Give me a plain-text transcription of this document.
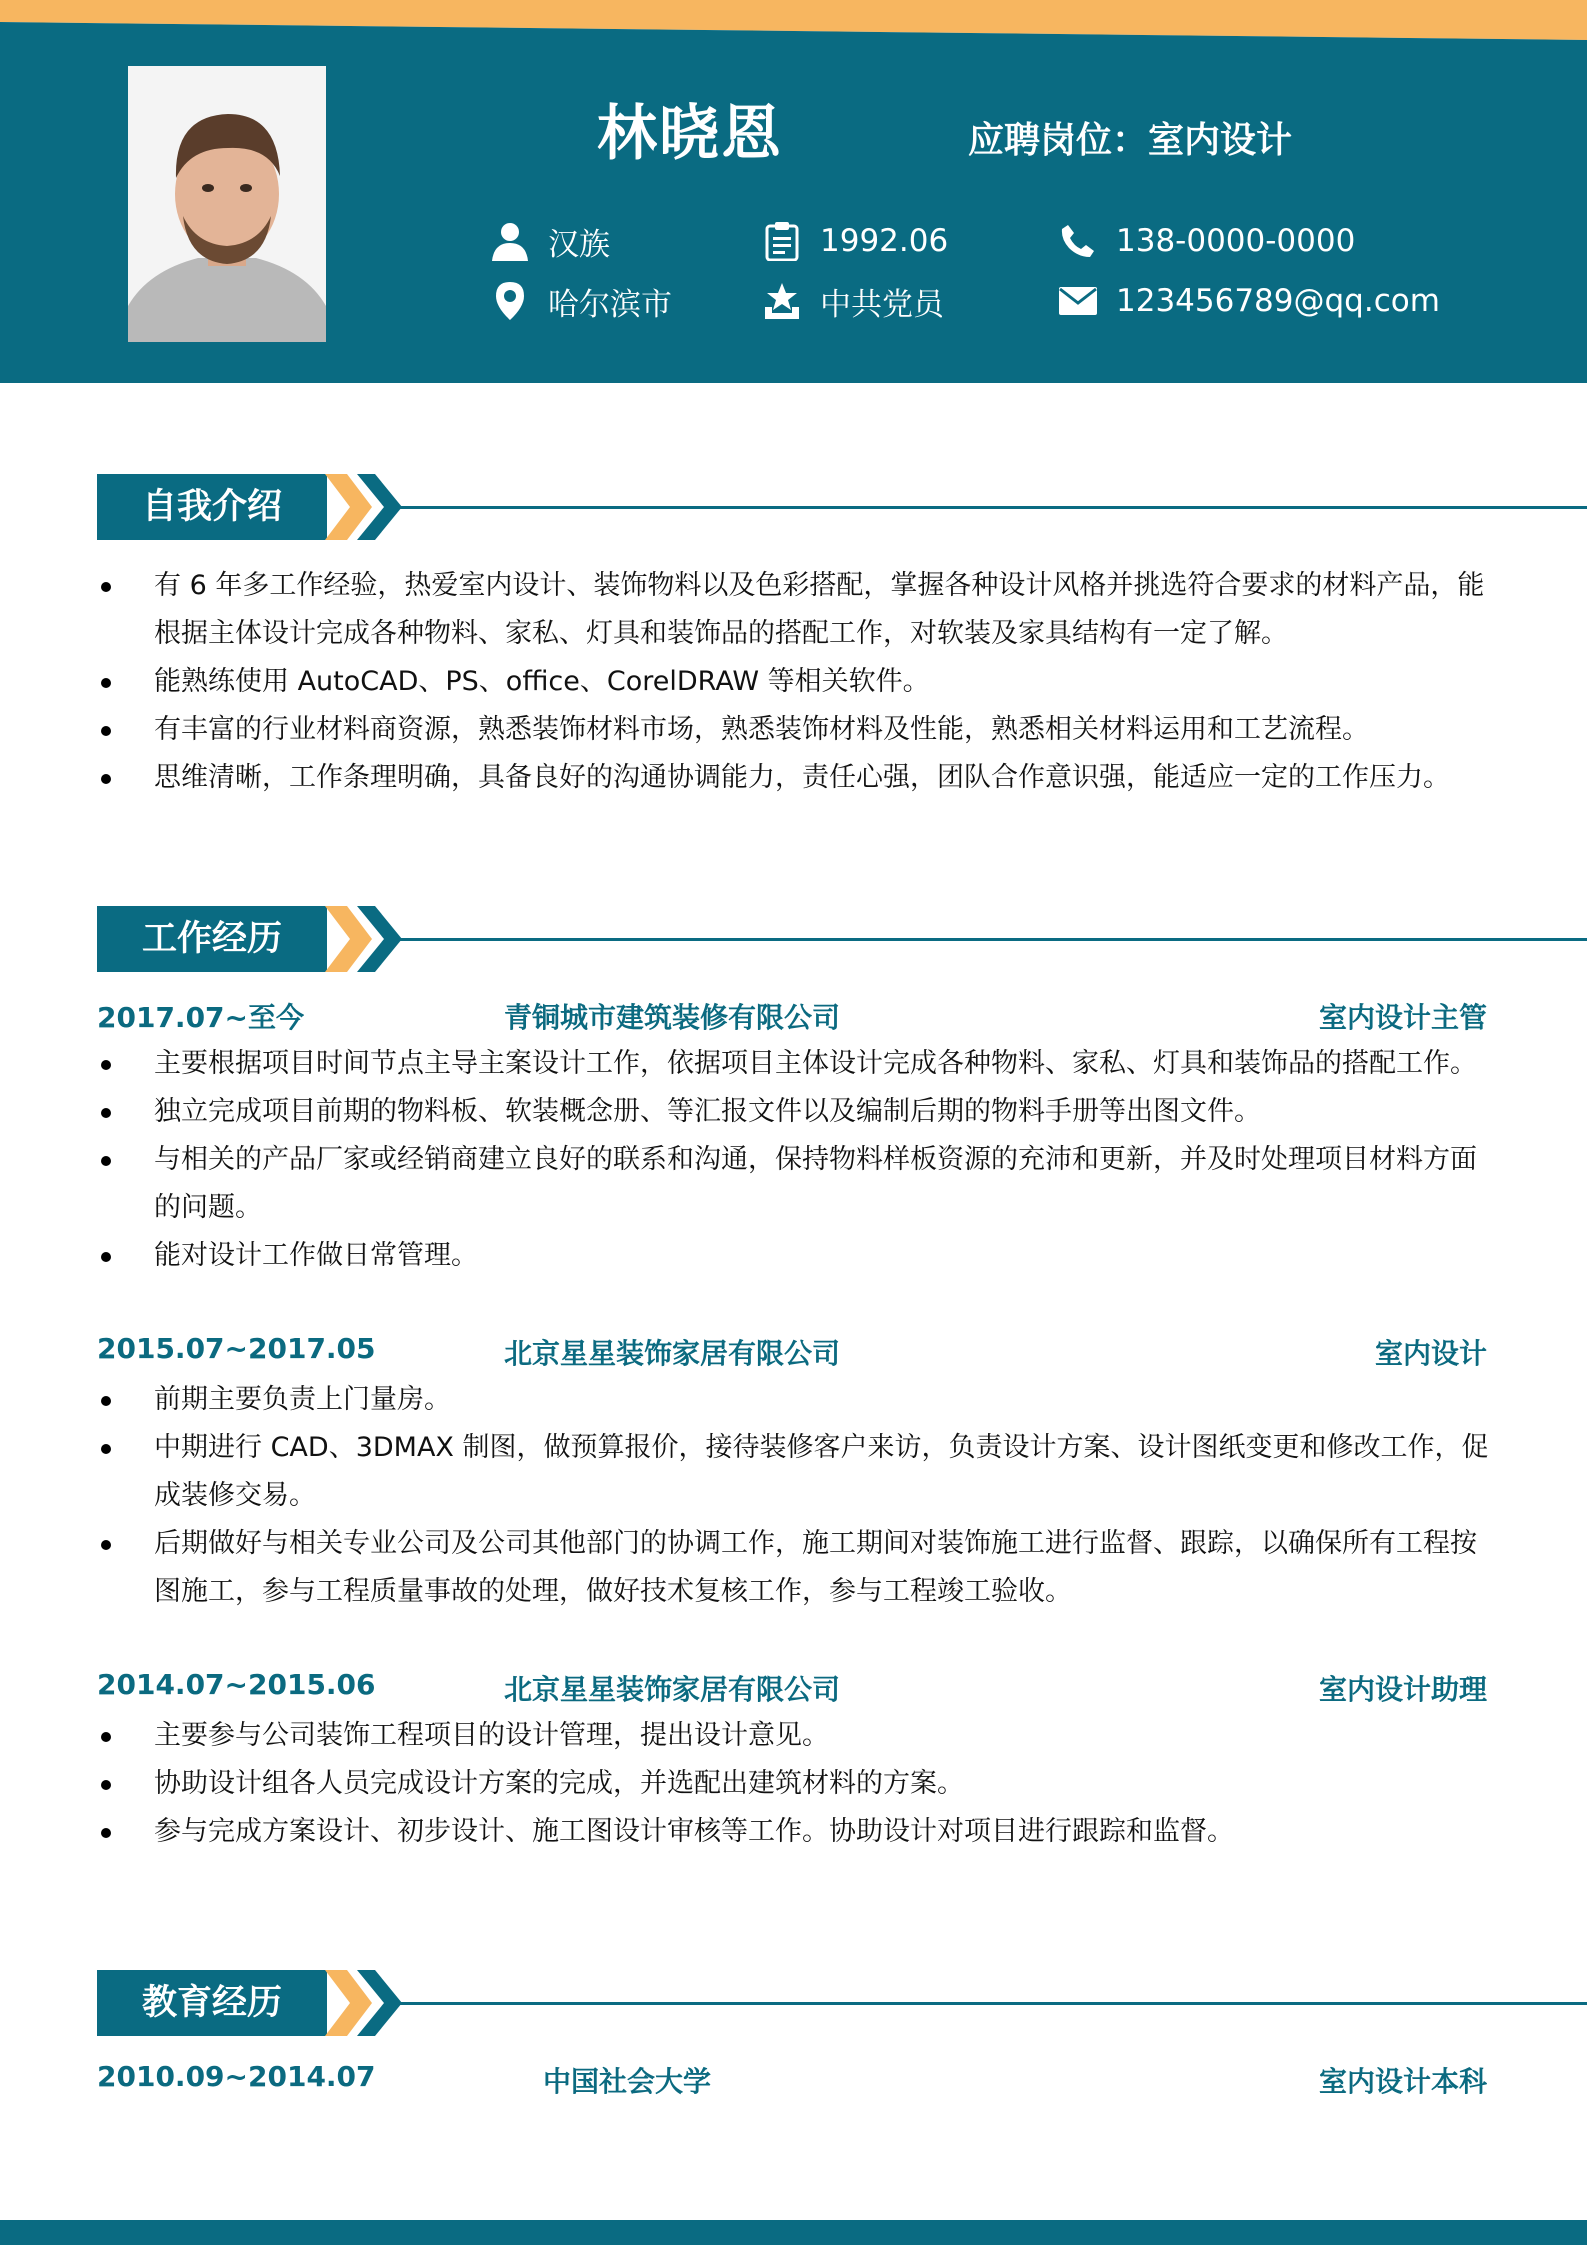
林晓恩	应聘岗位：室内设计
汉族	1992.06	138-0000-0000
哈尔滨市	中共党员	123456789@qq.com
自我介绍
有 6 年多工作经验，热爱室内设计、装饰物料以及色彩搭配，掌握各种设计风格并挑选符合要求的材料产品，能根据主体设计完成各种物料、家私、灯具和装饰品的搭配工作，对软装及家具结构有一定了解。
能熟练使用 AutoCAD、PS、office、CorelDRAW 等相关软件。
有丰富的行业材料商资源，熟悉装饰材料市场，熟悉装饰材料及性能，熟悉相关材料运用和工艺流程。
思维清晰，工作条理明确，具备良好的沟通协调能力，责任心强，团队合作意识强，能适应一定的工作压力。
工作经历
2017.07~至今	青铜城市建筑装修有限公司	室内设计主管
主要根据项目时间节点主导主案设计工作，依据项目主体设计完成各种物料、家私、灯具和装饰品的搭配工作。
独立完成项目前期的物料板、软装概念册、等汇报文件以及编制后期的物料手册等出图文件。
与相关的产品厂家或经销商建立良好的联系和沟通，保持物料样板资源的充沛和更新，并及时处理项目材料方面的问题。
能对设计工作做日常管理。
2015.07~2017.05	北京星星装饰家居有限公司	室内设计
前期主要负责上门量房。
中期进行 CAD、3DMAX 制图，做预算报价，接待装修客户来访，负责设计方案、设计图纸变更和修改工作，促成装修交易。
后期做好与相关专业公司及公司其他部门的协调工作，施工期间对装饰施工进行监督、跟踪，以确保所有工程按图施工，参与工程质量事故的处理，做好技术复核工作，参与工程竣工验收。
2014.07~2015.06	北京星星装饰家居有限公司	室内设计助理
主要参与公司装饰工程项目的设计管理，提出设计意见。
协助设计组各人员完成设计方案的完成，并选配出建筑材料的方案。
参与完成方案设计、初步设计、施工图设计审核等工作。协助设计对项目进行跟踪和监督。
教育经历
2010.09~2014.07	中国社会大学	室内设计本科
